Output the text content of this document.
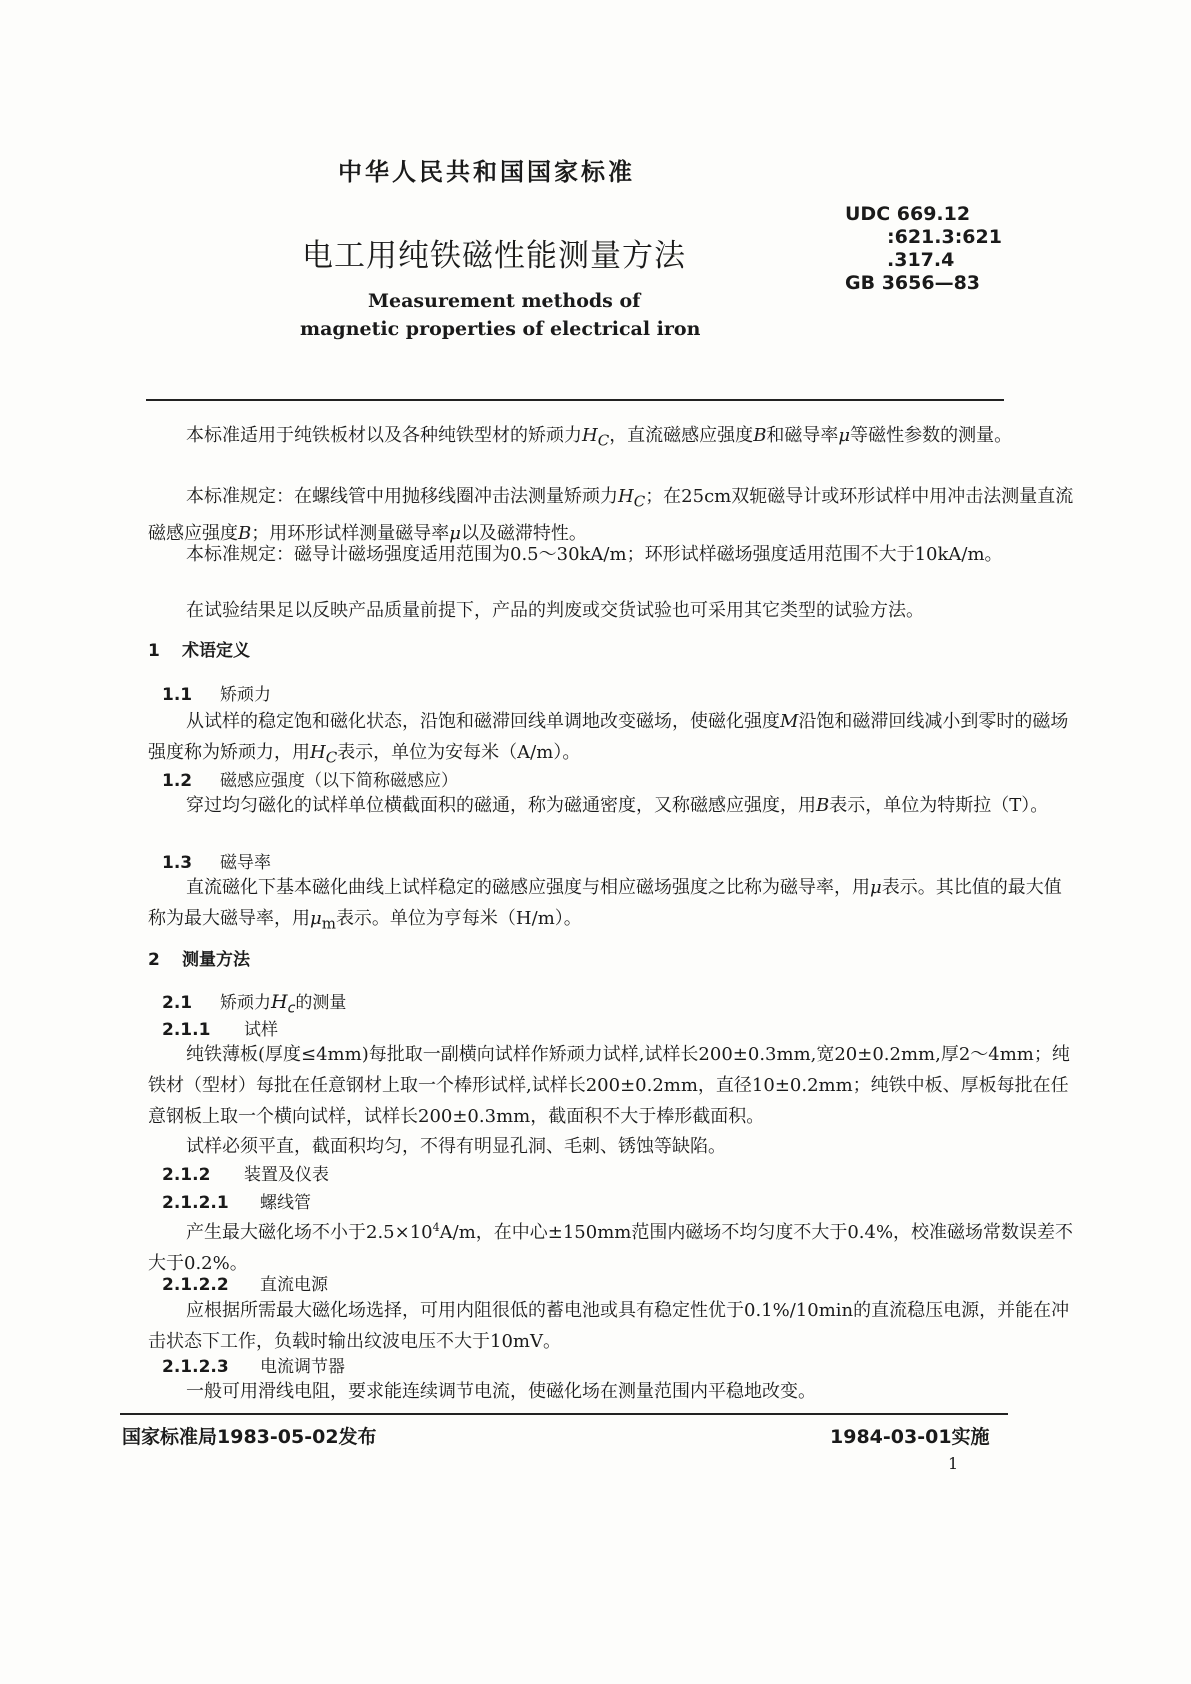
中华人民共和国国家标准
UDC 669.12
:621.3:621
.317.4
GB 3656—83
电工用纯铁磁性能测量方法
Measurement methods of
magnetic properties of electrical iron
本标准适用于纯铁板材以及各种纯铁型材的矫顽力$H_C$，直流磁感应强度B和磁导率μ等磁性参数的测量。
本标准规定：在螺线管中用抛移线圈冲击法测量矫顽力$H_C$；在25cm双轭磁导计或环形试样中用冲击法测量直流磁感应强度B；用环形试样测量磁导率μ以及磁滞特性。
本标准规定：磁导计磁场强度适用范围为0.5～30kA/m；环形试样磁场强度适用范围不大于10kA/m。
在试验结果足以反映产品质量前提下，产品的判废或交货试验也可采用其它类型的试验方法。
1 术语定义
1.1 矫顽力
从试样的稳定饱和磁化状态，沿饱和磁滞回线单调地改变磁场，使磁化强度M沿饱和磁滞回线减小到零时的磁场强度称为矫顽力，用$H_C$表示，单位为安每米（A/m）。
1.2 磁感应强度（以下简称磁感应）
穿过均匀磁化的试样单位横截面积的磁通，称为磁通密度，又称磁感应强度，用B表示，单位为特斯拉（T）。
1.3 磁导率
直流磁化下基本磁化曲线上试样稳定的磁感应强度与相应磁场强度之比称为磁导率，用μ表示。其比值的最大值称为最大磁导率，用$\mu_m$表示。单位为亨每米（H/m）。
2 测量方法
2.1 矫顽力$H_c$的测量
2.1.1 试样
纯铁薄板(厚度≤4mm)每批取一副横向试样作矫顽力试样,试样长200±0.3mm,宽20±0.2mm,厚2～4mm；纯铁材（型材）每批在任意钢材上取一个棒形试样,试样长200±0.2mm，直径10±0.2mm；纯铁中板、厚板每批在任意钢板上取一个横向试样，试样长200±0.3mm，截面积不大于棒形截面积。
试样必须平直，截面积均匀，不得有明显孔洞、毛刺、锈蚀等缺陷。
2.1.2 装置及仪表
2.1.2.1 螺线管
产生最大磁化场不小于$2.5\times 10^4A/m$，在中心±150mm范围内磁场不均匀度不大于0.4%，校准磁场常数误差不大于0.2%。
2.1.2.2 直流电源
应根据所需最大磁化场选择，可用内阻很低的蓄电池或具有稳定性优于0.1%/10min的直流稳压电源，并能在冲击状态下工作，负载时输出纹波电压不大于10mV。
2.1.2.3 电流调节器
一般可用滑线电阻，要求能连续调节电流，使磁化场在测量范围内平稳地改变。
国家标准局1983-05-02发布	1984-03-01实施
1
